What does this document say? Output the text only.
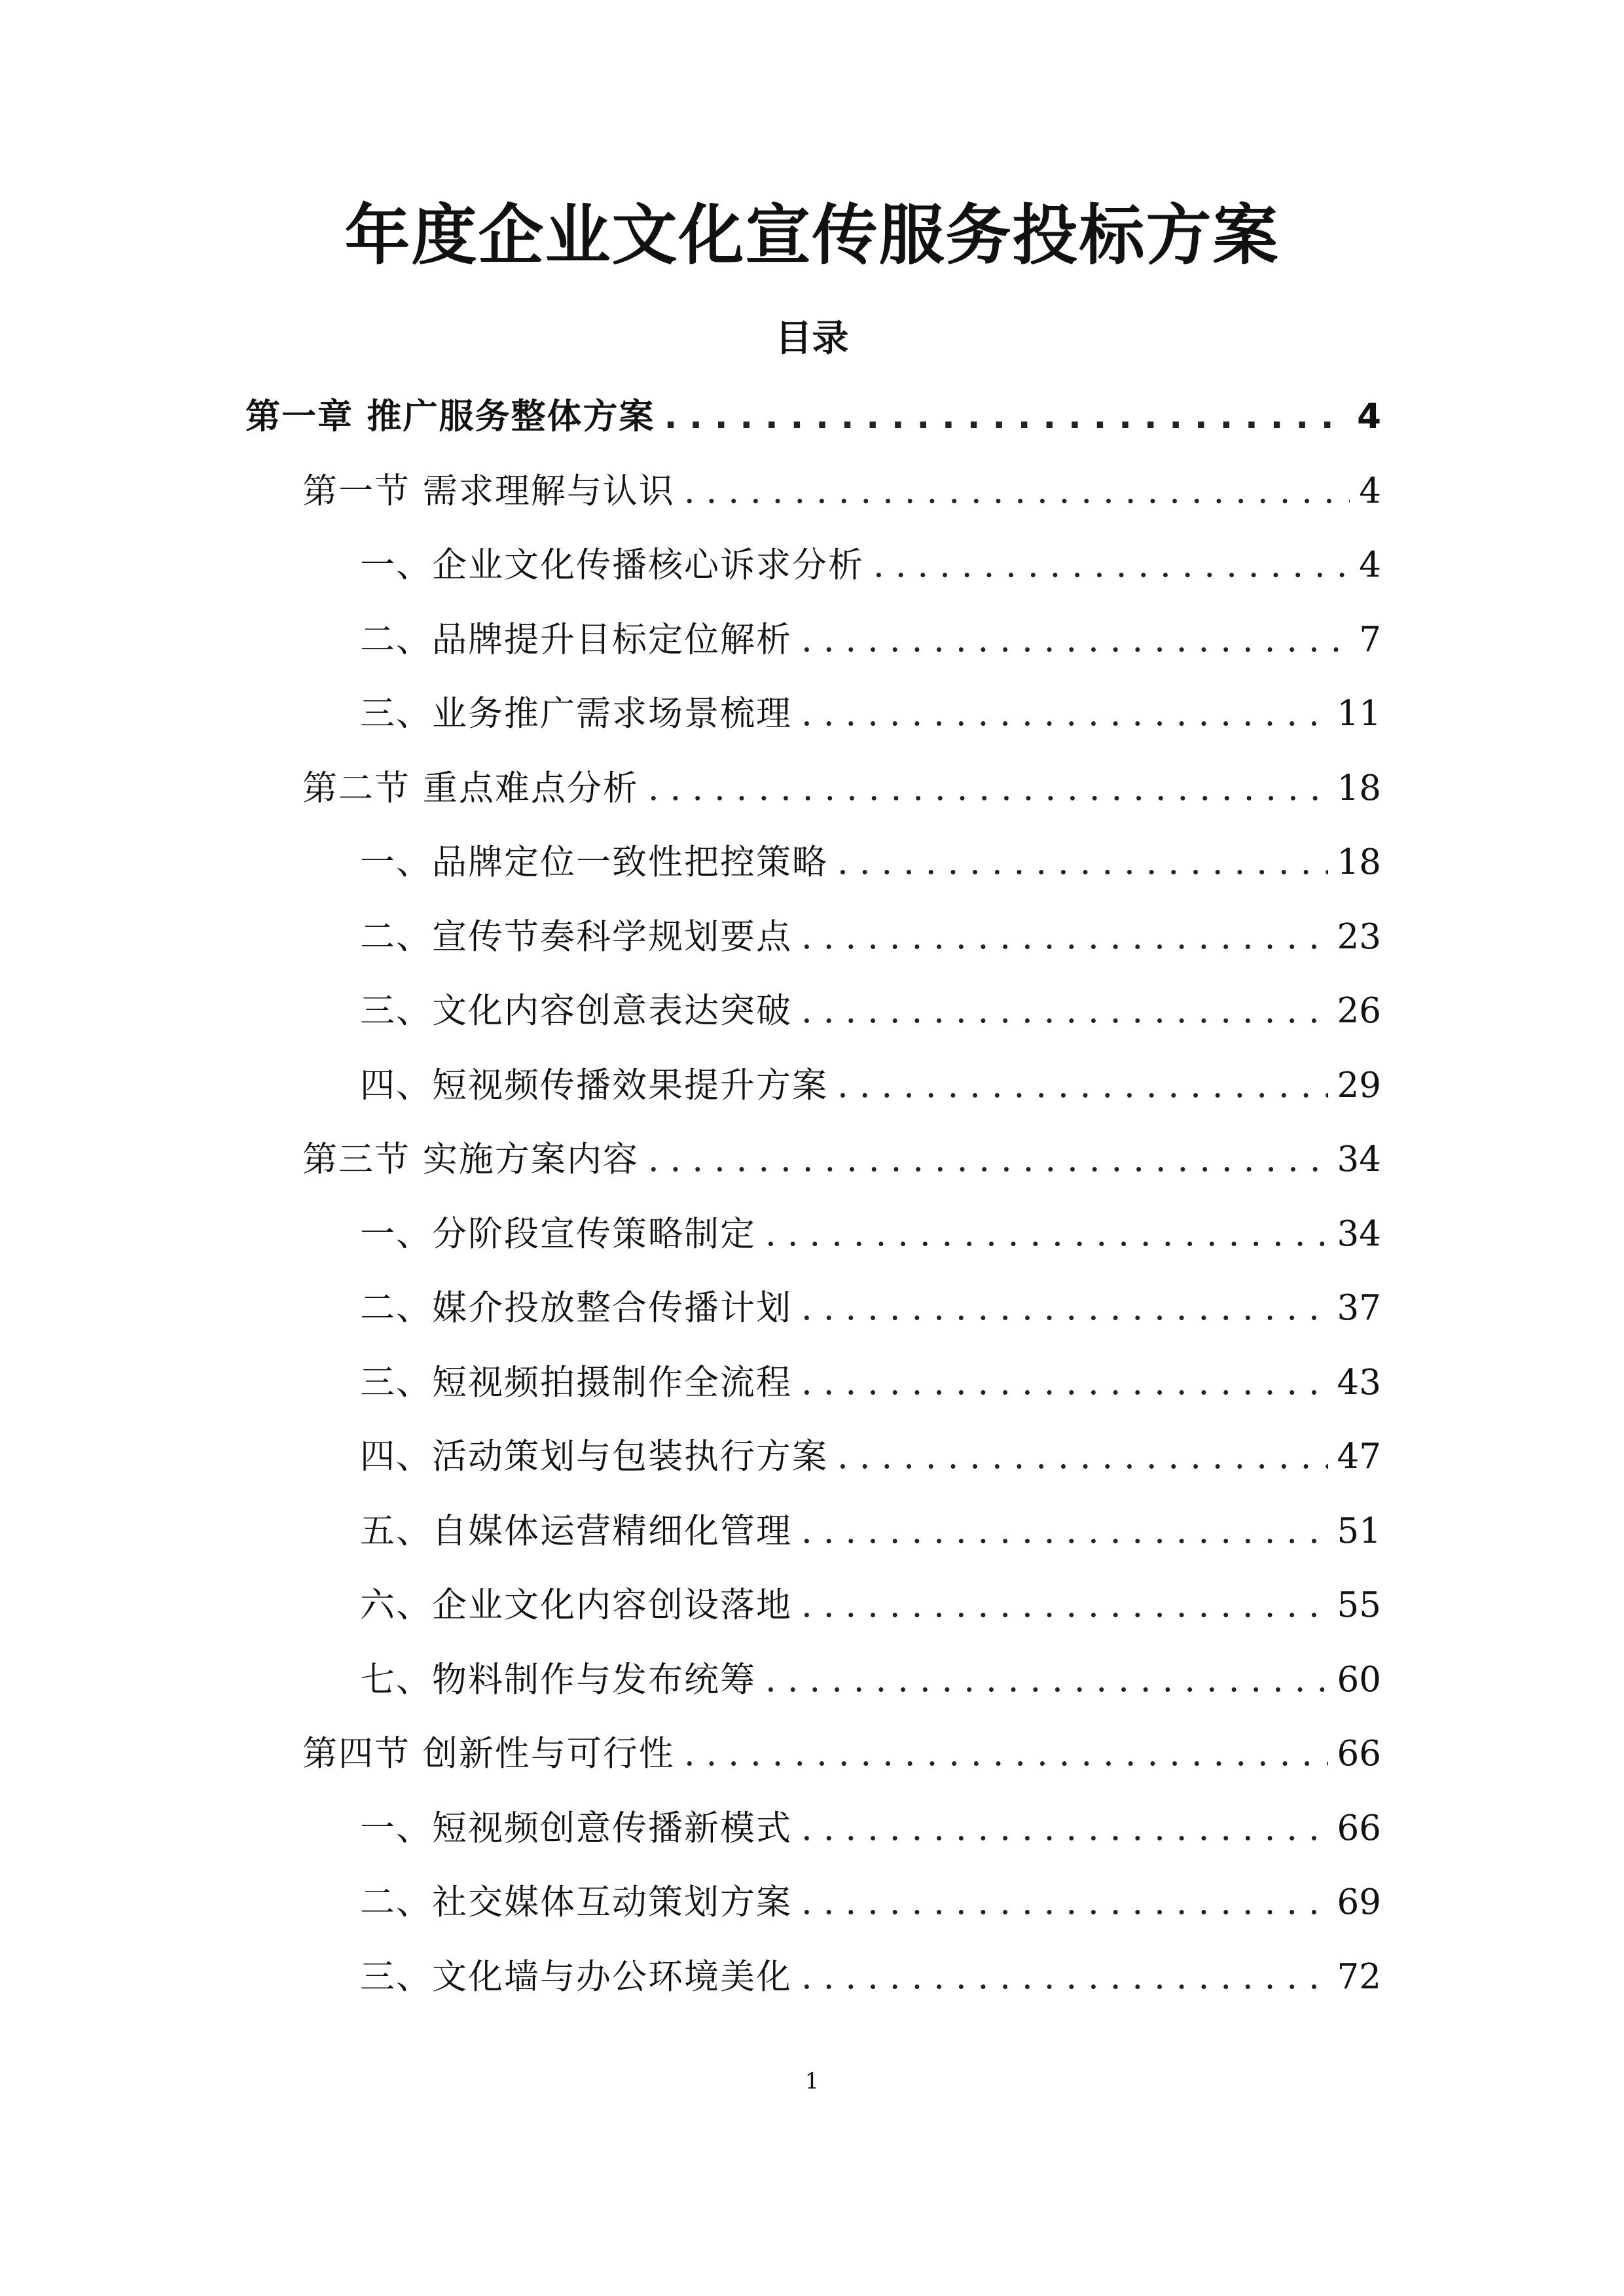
年度企业文化宣传服务投标方案
目录
第一章 推广服务整体方案 . . .	4
第一节 需求理解与认识 . . .	4
一、企业文化传播核心诉求分析 . . .	4
二、品牌提升目标定位解析 . . .	7
三、业务推广需求场景梳理 . . .	11
第二节 重点难点分析 . . .	18
一、品牌定位一致性把控策略 . . .	18
二、宣传节奏科学规划要点 . . .	23
三、文化内容创意表达突破 . . .	26
四、短视频传播效果提升方案 . . .	29
第三节 实施方案内容 . . .	34
一、分阶段宣传策略制定 . . .	34
二、媒介投放整合传播计划 . . .	37
三、短视频拍摄制作全流程 . . .	43
四、活动策划与包装执行方案 . . .	47
五、自媒体运营精细化管理 . . .	51
六、企业文化内容创设落地 . . .	55
七、物料制作与发布统筹 . . .	60
第四节 创新性与可行性 . . .	66
一、短视频创意传播新模式 . . .	66
二、社交媒体互动策划方案 . . .	69
三、文化墙与办公环境美化 . . .	72
1
